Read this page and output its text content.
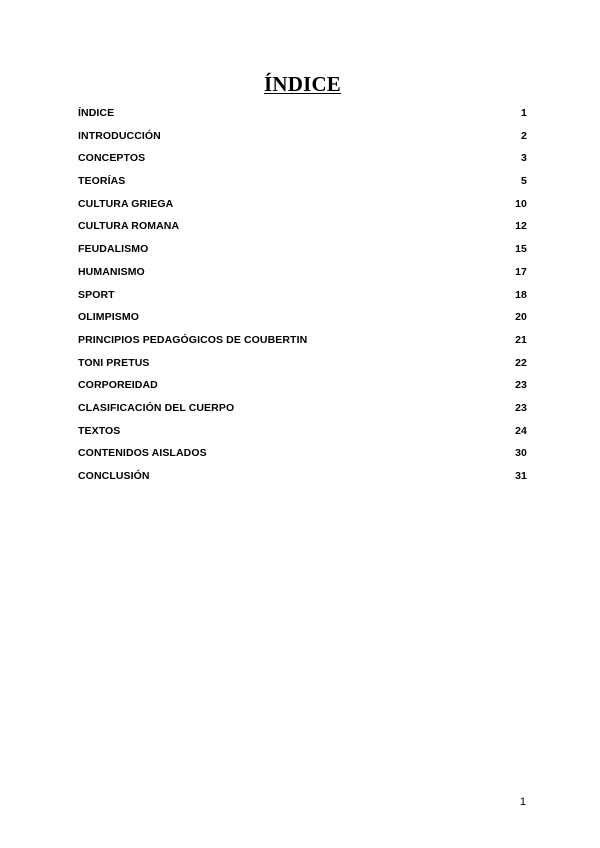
ÍNDICE
ÍNDICE	1
INTRODUCCIÓN	2
CONCEPTOS	3
TEORÍAS	5
CULTURA GRIEGA	10
CULTURA ROMANA	12
FEUDALISMO	15
HUMANISMO	17
SPORT	18
OLIMPISMO	20
PRINCIPIOS PEDAGÓGICOS DE COUBERTIN	21
TONI PRETUS	22
CORPOREIDAD	23
CLASIFICACIÓN DEL CUERPO	23
TEXTOS	24
CONTENIDOS AISLADOS	30
CONCLUSIÓN	31
1
